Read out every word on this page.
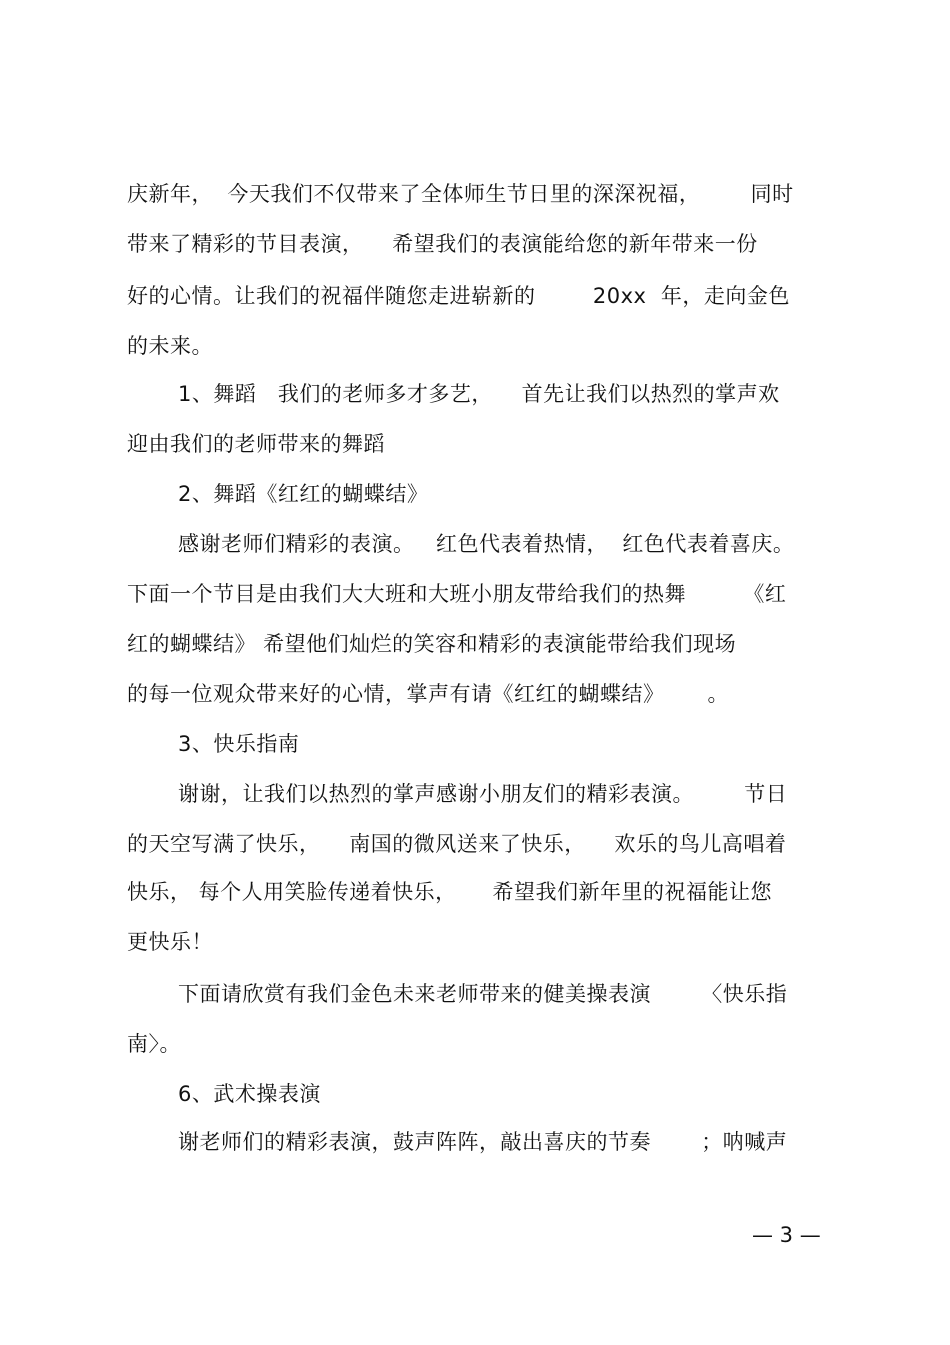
庆新年，  今天我们不仅带来了全体师生节日里的深深祝福，       同时
带来了精彩的节目表演，    希望我们的表演能给您的新年带来一份
好的心情。让我们的祝福伴随您走进崭新的        20xx  年，走向金色
的未来。
1、舞蹈   我们的老师多才多艺，    首先让我们以热烈的掌声欢
迎由我们的老师带来的舞蹈
2、舞蹈《红红的蝴蝶结》
感谢老师们精彩的表演。   红色代表着热情，  红色代表着喜庆。
下面一个节目是由我们大大班和大班小朋友带给我们的热舞        《红
红的蝴蝶结》 希望他们灿烂的笑容和精彩的表演能带给我们现场
的每一位观众带来好的心情，掌声有请《红红的蝴蝶结》      。
3、快乐指南
谢谢，让我们以热烈的掌声感谢小朋友们的精彩表演。       节日
的天空写满了快乐，    南国的微风送来了快乐，    欢乐的鸟儿高唱着
快乐， 每个人用笑脸传递着快乐，     希望我们新年里的祝福能让您
更快乐！
下面请欣赏有我们金色未来老师带来的健美操表演       〈快乐指
南〉。
6、武术操表演
谢老师们的精彩表演，鼓声阵阵，敲出喜庆的节奏       ；呐喊声
— 3 —
